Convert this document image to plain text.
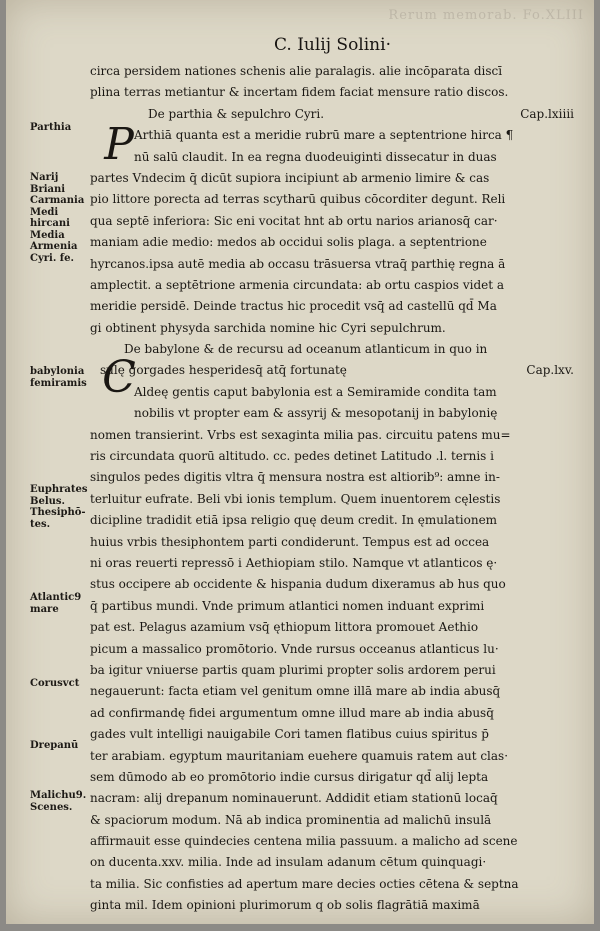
Rerum memorab. Fo.XLIII
C. Iulij Solini·
Parthia
Narij
Briani
Carmania
Medi
hircani
Media
Armenia
Cyri. fe.
babylonia
femiramis
Euphrates
Belus.
Thesiphō-
tes.
Atlantic9
mare
Corusvct
Drepanū
Malichu9.
Scenes.
P
C
circa persidem nationes schenis alie paralagis. alie incōparata discī
plina terras metiantur & incertam fidem faciat mensure ratio discos.
De parthia & sepulchro Cyri.	Cap.lxiiii
Arthiā quanta est a meridie rubrū mare a septentrione hirca ¶
nū salū claudit. In ea regna duodeuiginti dissecatur in duas
partes Vndecim q̄ dicūt supiora incipiunt ab armenio limire & cas
pio littore porecta ad terras scytharū quibus cōcorditer degunt. Reli
qua septē inferiora: Sic eni vocitat hnt ab ortu narios arianosq̄ car·
maniam adie medio: medos ab occidui solis plaga. a septentrione
hyrcanos.ipsa autē media ab occasu trāsuersa vtraq̄ parthię regna ā
amplectit. a septētrione armenia circundata: ab ortu caspios videt a
meridie persidē. Deinde tractus hic procedit vsq̄ ad castellū qd̄ Ma
gi obtinent physyda sarchida nomine hic Cyri sepulchrum.
De babylone & de recursu ad oceanum atlanticum in quo in
sulę gorgades hesperidesq̄ atq̄ fortunatę	Cap.lxv.
Aldeę gentis caput babylonia est a Semiramide condita tam
nobilis vt propter eam & assyrij & mesopotanij in babylonię
nomen transierint. Vrbs est sexaginta milia pas. circuitu patens mu=
ris circundata quorū altitudo. cc. pedes detinet Latitudo .l. ternis i
singulos pedes digitis vltra q̄ mensura nostra est altiorib⁹: amne in-
terluitur eufrate. Beli vbi ionis templum. Quem inuentorem cęlestis
dicipline tradidit etiā ipsa religio quę deum credit. In ęmulationem
huius vrbis thesiphontem parti condiderunt. Tempus est ad occea
ni oras reuerti repressō i Aethiopiam stilo. Namque vt atlanticos ę·
stus occipere ab occidente & hispania dudum dixeramus ab hus quo
q̄ partibus mundi. Vnde primum atlantici nomen induant exprimi
pat est. Pelagus azamium vsq̄ ęthiopum littora promouet Aethio
picum a massalico promōtorio. Vnde rursus occeanus atlanticus lu·
ba igitur vniuerse partis quam plurimi propter solis ardorem perui
negauerunt: facta etiam vel genitum omne illā mare ab india abusq̄
ad confirmandę fidei argumentum omne illud mare ab india abusq̄
gades vult intelligi nauigabile Cori tamen flatibus cuius spiritus p̄
ter arabiam. egyptum mauritaniam euehere quamuis ratem aut clas·
sem dūmodo ab eo promōtorio indie cursus dirigatur qd̄ alij lepta
nacram: alij drepanum nominauerunt. Addidit etiam stationū locaq̄
& spaciorum modum. Nā ab indica prominentia ad malichū insulā
affirmauit esse quindecies centena milia passuum. a malicho ad scene
on ducenta.xxv. milia. Inde ad insulam adanum cētum quinquagi·
ta milia. Sic confisties ad apertum mare decies octies cētena & septna
ginta mil. Idem opinioni plurimorum q ob solis flagrātiā maximā
